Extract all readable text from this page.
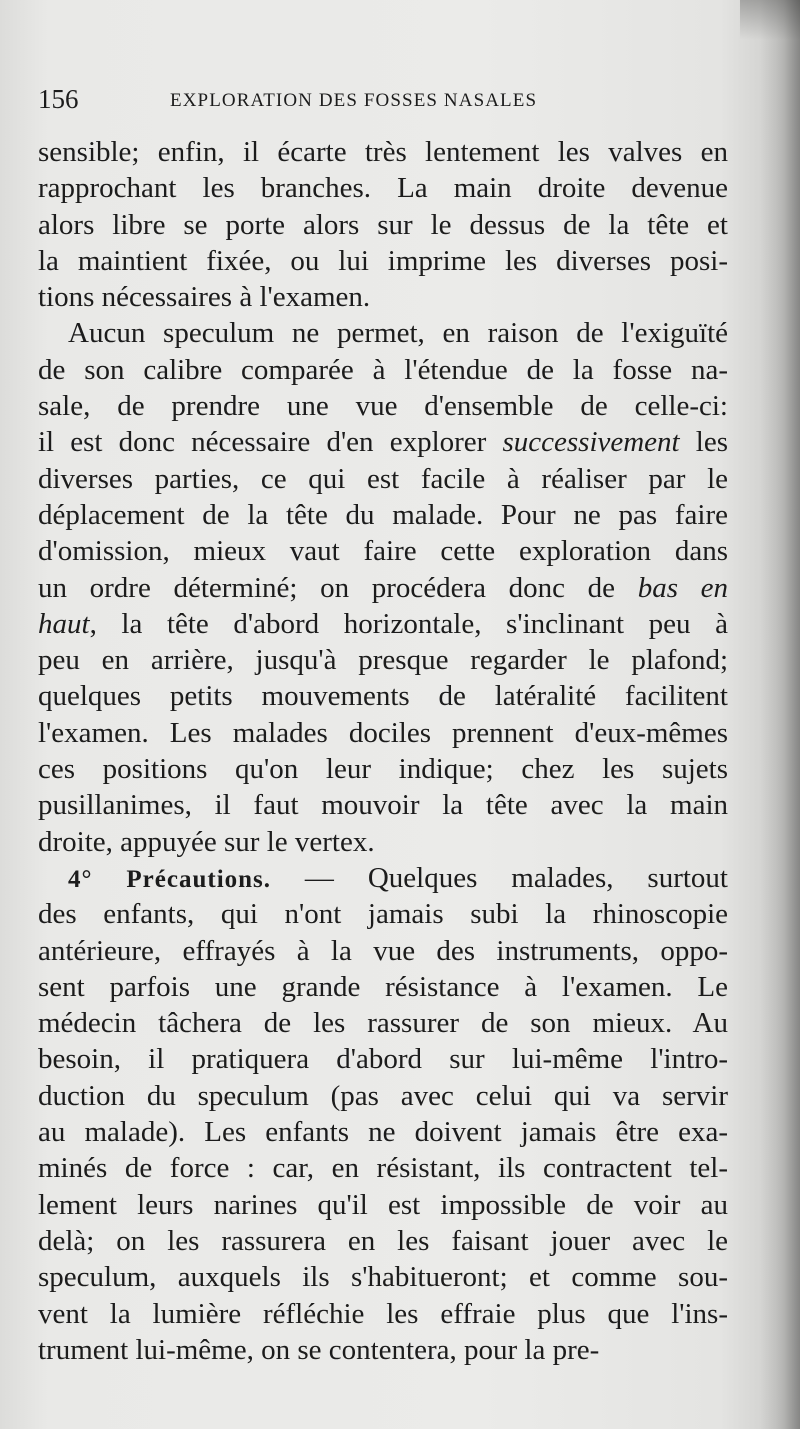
156	EXPLORATION DES FOSSES NASALES
sensible; enfin, il écarte très lentement les valves en
rapprochant les branches. La main droite devenue
alors libre se porte alors sur le dessus de la tête et
la maintient fixée, ou lui imprime les diverses posi-
tions nécessaires à l'examen.
Aucun speculum ne permet, en raison de l'exiguïté
de son calibre comparée à l'étendue de la fosse na-
sale, de prendre une vue d'ensemble de celle-ci:
il est donc nécessaire d'en explorer successivement les
diverses parties, ce qui est facile à réaliser par le
déplacement de la tête du malade. Pour ne pas faire
d'omission, mieux vaut faire cette exploration dans
un ordre déterminé; on procédera donc de bas en
haut, la tête d'abord horizontale, s'inclinant peu à
peu en arrière, jusqu'à presque regarder le plafond;
quelques petits mouvements de latéralité facilitent
l'examen. Les malades dociles prennent d'eux-mêmes
ces positions qu'on leur indique; chez les sujets
pusillanimes, il faut mouvoir la tête avec la main
droite, appuyée sur le vertex.
4° Précautions. — Quelques malades, surtout
des enfants, qui n'ont jamais subi la rhinoscopie
antérieure, effrayés à la vue des instruments, oppo-
sent parfois une grande résistance à l'examen. Le
médecin tâchera de les rassurer de son mieux. Au
besoin, il pratiquera d'abord sur lui-même l'intro-
duction du speculum (pas avec celui qui va servir
au malade). Les enfants ne doivent jamais être exa-
minés de force : car, en résistant, ils contractent tel-
lement leurs narines qu'il est impossible de voir au
delà; on les rassurera en les faisant jouer avec le
speculum, auxquels ils s'habitueront; et comme sou-
vent la lumière réfléchie les effraie plus que l'ins-
trument lui-même, on se contentera, pour la pre-
